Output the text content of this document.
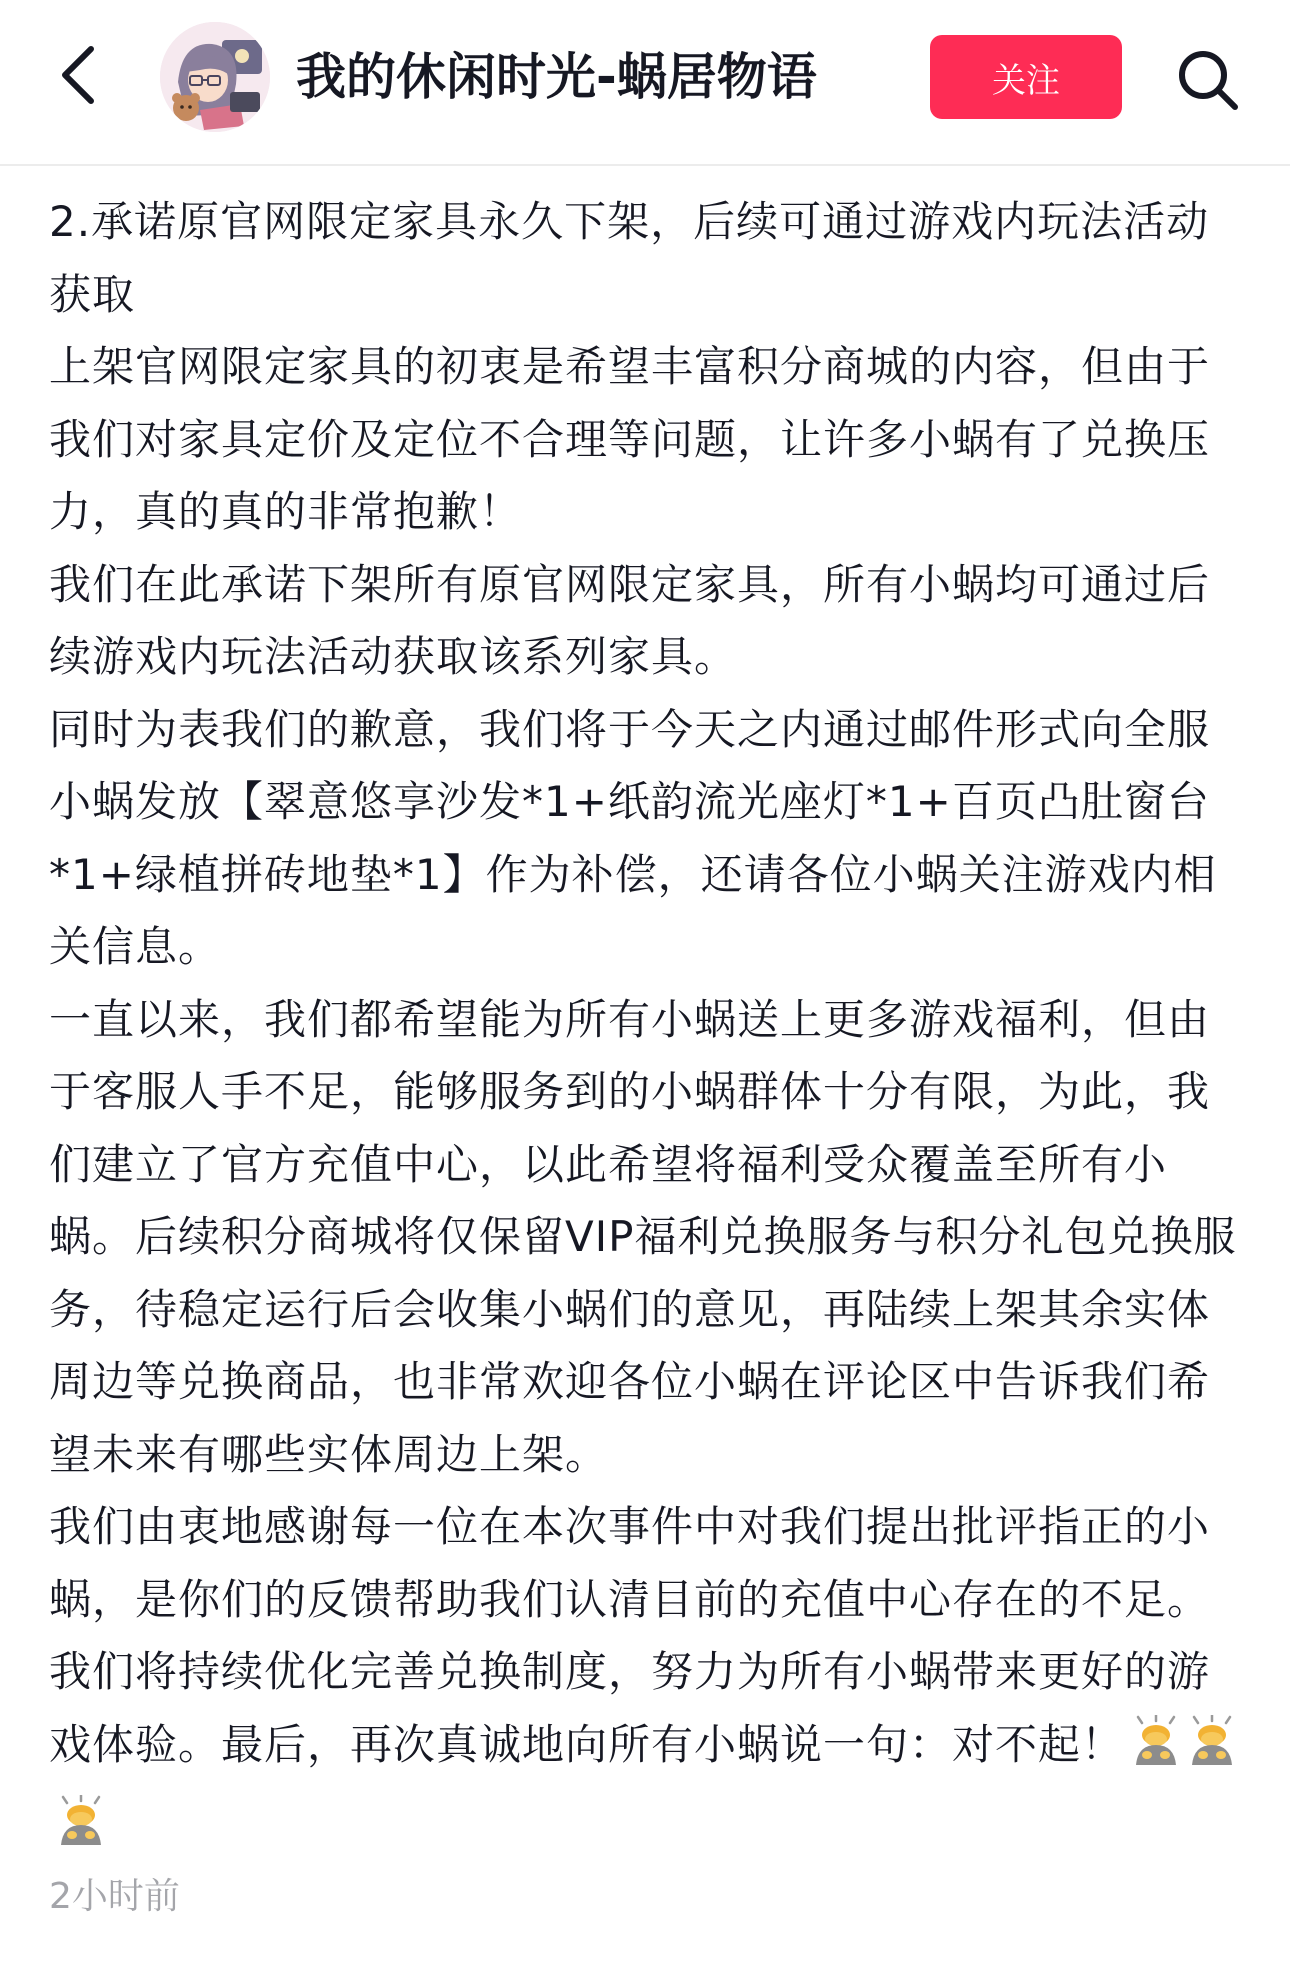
我的休闲时光-蜗居物语	关注

2.承诺原官网限定家具永久下架，后续可通过游戏内玩法活动获取

上架官网限定家具的初衷是希望丰富积分商城的内容，但由于我们对家具定价及定位不合理等问题，让许多小蜗有了兑换压力，真的真的非常抱歉！

我们在此承诺下架所有原官网限定家具，所有小蜗均可通过后续游戏内玩法活动获取该系列家具。

同时为表我们的歉意，我们将于今天之内通过邮件形式向全服小蜗发放【翠意悠享沙发*1+纸韵流光座灯*1+百页凸肚窗台*1+绿植拼砖地垫*1】作为补偿，还请各位小蜗关注游戏内相关信息。

一直以来，我们都希望能为所有小蜗送上更多游戏福利，但由于客服人手不足，能够服务到的小蜗群体十分有限，为此，我们建立了官方充值中心，以此希望将福利受众覆盖至所有小蜗。后续积分商城将仅保留VIP福利兑换服务与积分礼包兑换服务，待稳定运行后会收集小蜗们的意见，再陆续上架其余实体周边等兑换商品，也非常欢迎各位小蜗在评论区中告诉我们希望未来有哪些实体周边上架。

我们由衷地感谢每一位在本次事件中对我们提出批评指正的小蜗，是你们的反馈帮助我们认清目前的充值中心存在的不足。我们将持续优化完善兑换制度，努力为所有小蜗带来更好的游戏体验。最后，再次真诚地向所有小蜗说一句：对不起！

2小时前
